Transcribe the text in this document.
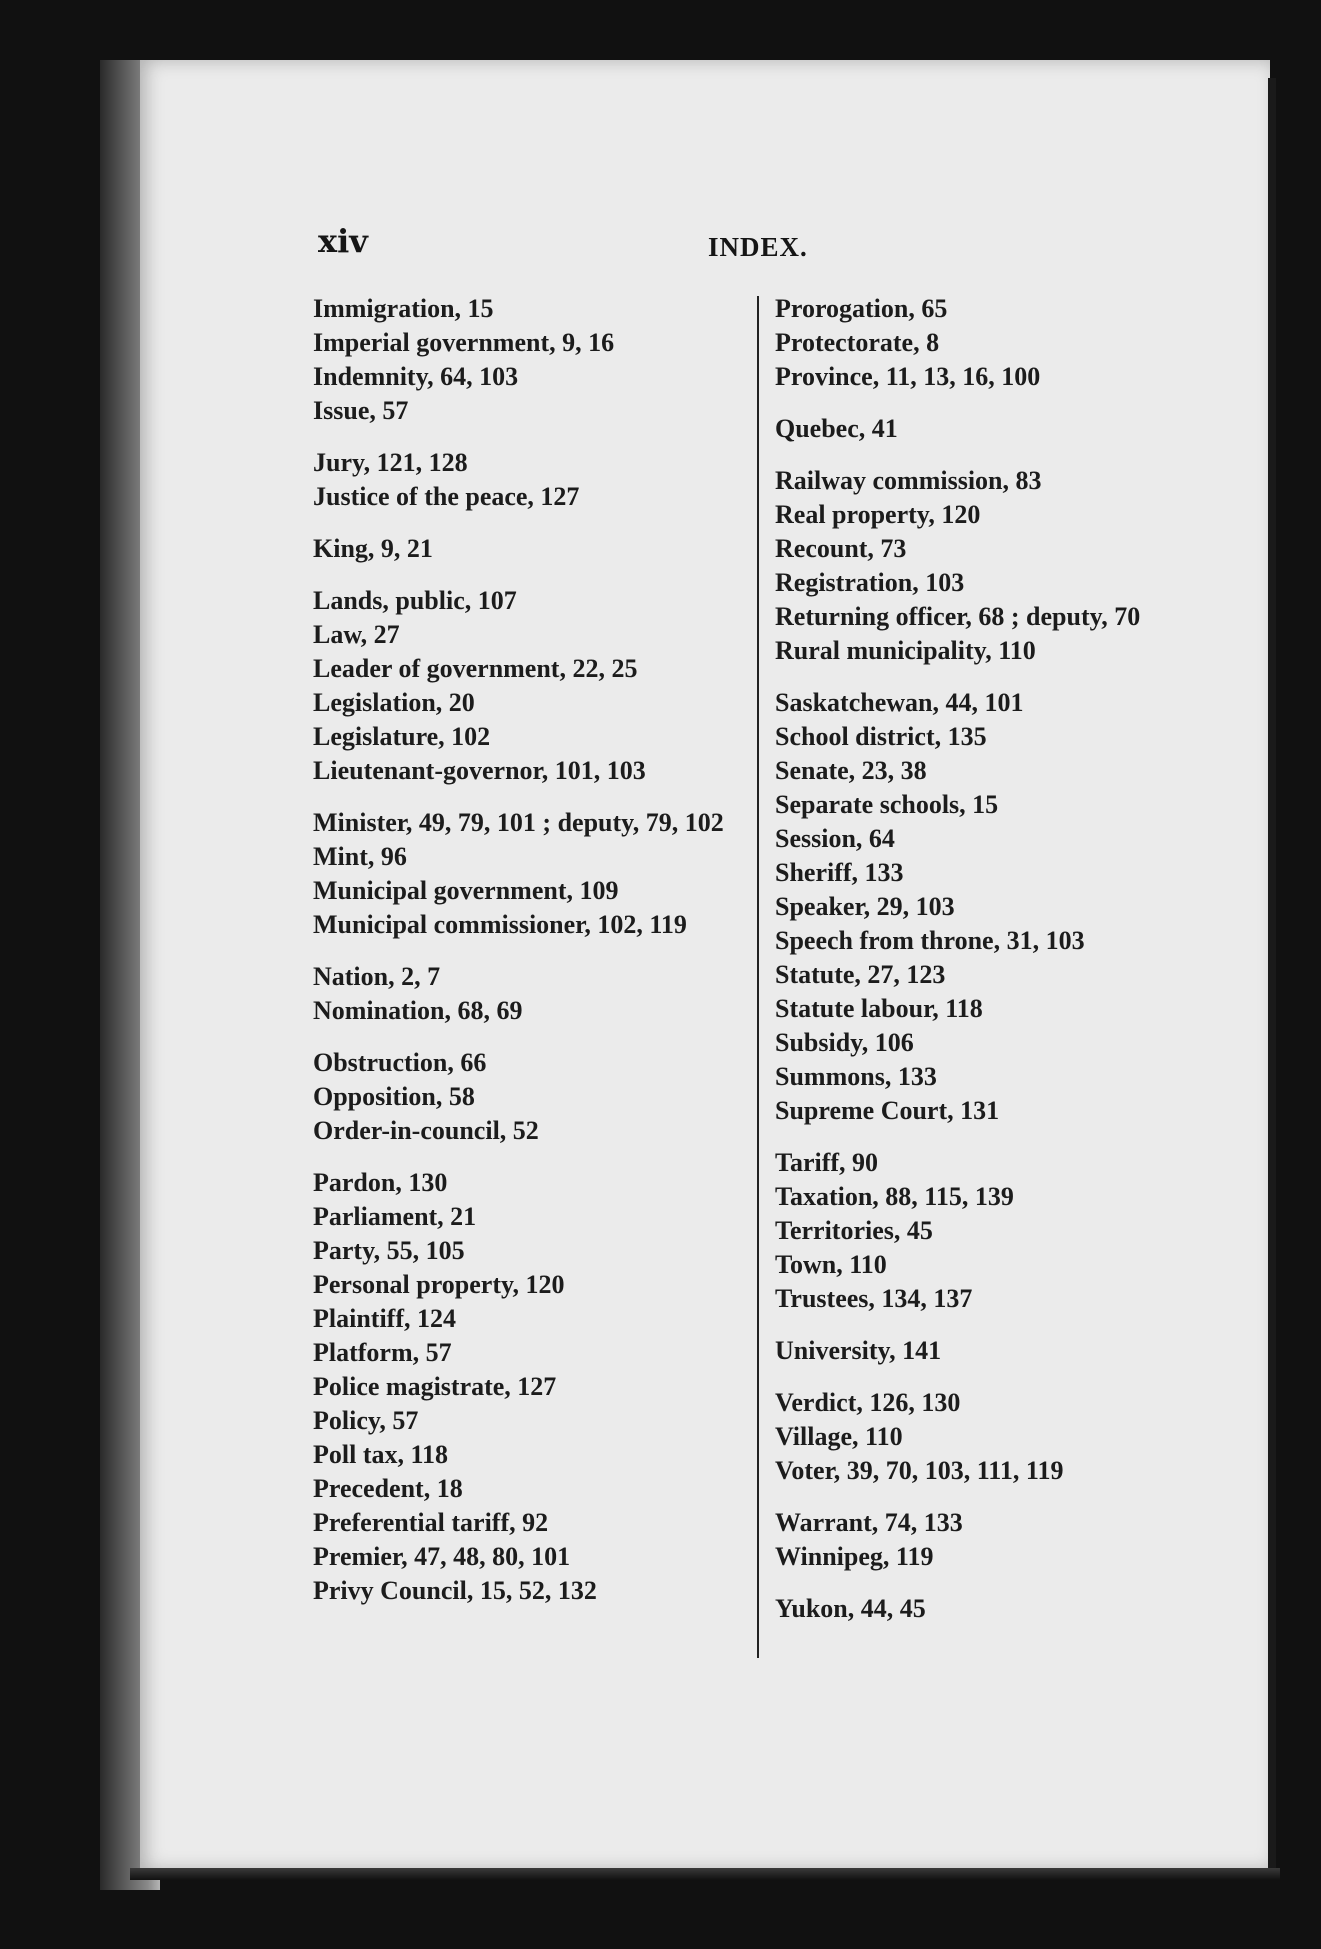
xiv	INDEX.
Immigration, 15
Imperial government, 9, 16
Indemnity, 64, 103
Issue, 57
Jury, 121, 128
Justice of the peace, 127
King, 9, 21
Lands, public, 107
Law, 27
Leader of government, 22, 25
Legislation, 20
Legislature, 102
Lieutenant-governor, 101, 103
Minister, 49, 79, 101 ; deputy, 79, 102
Mint, 96
Municipal government, 109
Municipal commissioner, 102, 119
Nation, 2, 7
Nomination, 68, 69
Obstruction, 66
Opposition, 58
Order-in-council, 52
Pardon, 130
Parliament, 21
Party, 55, 105
Personal property, 120
Plaintiff, 124
Platform, 57
Police magistrate, 127
Policy, 57
Poll tax, 118
Precedent, 18
Preferential tariff, 92
Premier, 47, 48, 80, 101
Privy Council, 15, 52, 132
Prorogation, 65
Protectorate, 8
Province, 11, 13, 16, 100
Quebec, 41
Railway commission, 83
Real property, 120
Recount, 73
Registration, 103
Returning officer, 68 ; deputy, 70
Rural municipality, 110
Saskatchewan, 44, 101
School district, 135
Senate, 23, 38
Separate schools, 15
Session, 64
Sheriff, 133
Speaker, 29, 103
Speech from throne, 31, 103
Statute, 27, 123
Statute labour, 118
Subsidy, 106
Summons, 133
Supreme Court, 131
Tariff, 90
Taxation, 88, 115, 139
Territories, 45
Town, 110
Trustees, 134, 137
University, 141
Verdict, 126, 130
Village, 110
Voter, 39, 70, 103, 111, 119
Warrant, 74, 133
Winnipeg, 119
Yukon, 44, 45
